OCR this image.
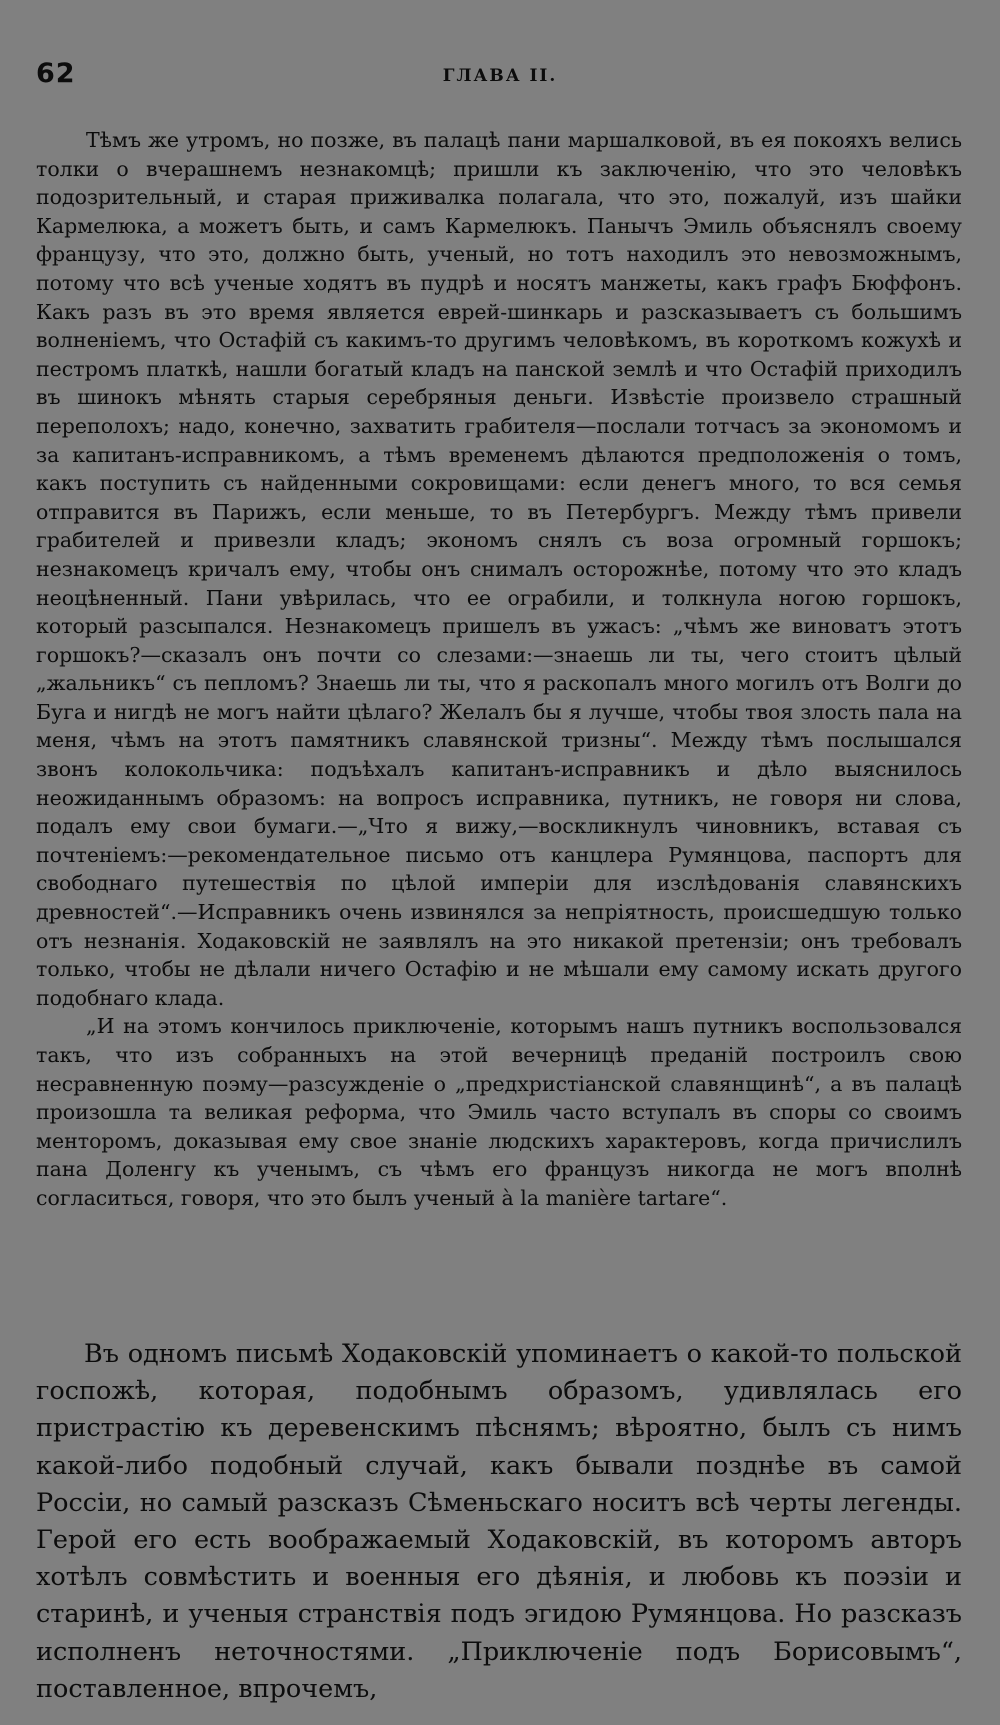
62	ГЛАВА II.

Тѣмъ же утромъ, но позже, въ палацѣ пани маршалковой, въ ея покояхъ велись толки о вчерашнемъ незнакомцѣ; пришли къ заключенію, что это человѣкъ подозрительный, и старая приживалка полагала, что это, пожалуй, изъ шайки Кармелюка, а можетъ быть, и самъ Кармелюкъ. Панычъ Эмиль объяснялъ своему французу, что это, должно быть, ученый, но тотъ находилъ это невозможнымъ, потому что всѣ ученые ходятъ въ пудрѣ и носятъ манжеты, какъ графъ Бюффонъ. Какъ разъ въ это время является еврей-шинкарь и разсказываетъ съ большимъ волненіемъ, что Остафій съ какимъ-то другимъ человѣкомъ, въ короткомъ кожухѣ и пестромъ платкѣ, нашли богатый кладъ на панской землѣ и что Остафій приходилъ въ шинокъ мѣнять старыя серебряныя деньги. Извѣстіе произвело страшный переполохъ; надо, конечно, захватить грабителя—послали тотчасъ за экономомъ и за капитанъ-исправникомъ, а тѣмъ временемъ дѣлаются предположенія о томъ, какъ поступить съ найденными сокровищами: если денегъ много, то вся семья отправится въ Парижъ, если меньше, то въ Петербургъ. Между тѣмъ привели грабителей и привезли кладъ; экономъ снялъ съ воза огромный горшокъ; незнакомецъ кричалъ ему, чтобы онъ снималъ осторожнѣе, потому что это кладъ неоцѣненный. Пани увѣрилась, что ее ограбили, и толкнула ногою горшокъ, который разсыпался. Незнакомецъ пришелъ въ ужасъ: „чѣмъ же виноватъ этотъ горшокъ?—сказалъ онъ почти со слезами:—знаешь ли ты, чего стоитъ цѣлый „жальникъ“ съ пепломъ? Знаешь ли ты, что я раскопалъ много могилъ отъ Волги до Буга и нигдѣ не могъ найти цѣлаго? Желалъ бы я лучше, чтобы твоя злость пала на меня, чѣмъ на этотъ памятникъ славянской тризны“. Между тѣмъ послышался звонъ колокольчика: подъѣхалъ капитанъ-исправникъ и дѣло выяснилось неожиданнымъ образомъ: на вопросъ исправника, путникъ, не говоря ни слова, подалъ ему свои бумаги.—„Что я вижу,—воскликнулъ чиновникъ, вставая съ почтеніемъ:—рекомендательное письмо отъ канцлера Румянцова, паспортъ для свободнаго путешествія по цѣлой имперіи для изслѣдованія славянскихъ древностей“.—Исправникъ очень извинялся за непріятность, происшедшую только отъ незнанія. Ходаковскій не заявлялъ на это никакой претензіи; онъ требовалъ только, чтобы не дѣлали ничего Остафію и не мѣшали ему самому искать другого подобнаго клада.

„И на этомъ кончилось приключеніе, которымъ нашъ путникъ воспользовался такъ, что изъ собранныхъ на этой вечерницѣ преданій построилъ свою несравненную поэму—разсужденіе о „предхристіанской славянщинѣ“, а въ палацѣ произошла та великая реформа, что Эмиль часто вступалъ въ споры со своимъ менторомъ, доказывая ему свое знаніе людскихъ характеровъ, когда причислилъ пана Доленгу къ ученымъ, съ чѣмъ его французъ никогда не могъ вполнѣ согласиться, говоря, что это былъ ученый à la manière tartare“.

Въ одномъ письмѣ Ходаковскій упоминаетъ о какой-то польской госпожѣ, которая, подобнымъ образомъ, удивлялась его пристрастію къ деревенскимъ пѣснямъ; вѣроятно, былъ съ нимъ какой-либо подобный случай, какъ бывали позднѣе въ самой Россіи, но самый разсказъ Сѣменьскаго носитъ всѣ черты легенды. Герой его есть воображаемый Ходаковскій, въ которомъ авторъ хотѣлъ совмѣстить и военныя его дѣянія, и любовь къ поэзіи и старинѣ, и ученыя странствія подъ эгидою Румянцова. Но разсказъ исполненъ неточностями. „Приключеніе подъ Борисовымъ“, поставленное, впрочемъ,
